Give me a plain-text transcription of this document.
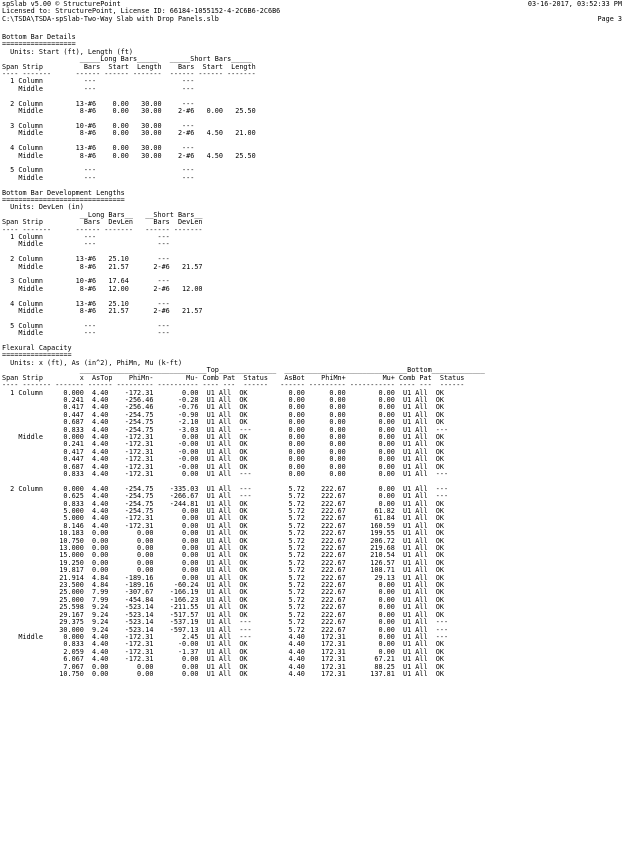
spSlab v5.00 © StructurePoint
Licensed to: StructurePoint, License ID: 66184-1055152-4-2C6B6-2C6B6
C:\TSDA\TSDA-spSlab-Two-Way Slab with Drop Panels.slb
03-16-2017, 03:52:33 PM

Page 3
Bottom Bar Details
==================
Units: Start (ft), Length (ft)
_____Long Bars_____   _____Short Bars_____
Span Strip          Bars  Start  Length    Bars  Start  Length
---- -------      ------ ------ -------  ------ ------ -------
1 Column          ---                     ---
Middle          ---                     ---

2 Column        13-#6    0.00   30.00     ---
Middle         8-#6    0.00   30.00    2-#6   0.00   25.50

3 Column        10-#6    0.00   30.00     ---
Middle         8-#6    0.00   30.00    2-#6   4.50   21.00

4 Column        13-#6    0.00   30.00     ---
Middle         8-#6    0.00   30.00    2-#6   4.50   25.50

5 Column          ---                     ---
Middle          ---                     ---

Bottom Bar Development Lengths
==============================
Units: DevLen (in)
__Long Bars__   __Short Bars__
Span Strip          Bars  DevLen     Bars  DevLen
---- -------      ------ -------   ------ -------
1 Column          ---               ---
Middle          ---               ---

2 Column        13-#6   25.10       ---
Middle         8-#6   21.57      2-#6   21.57

3 Column        10-#6   17.64       ---
Middle         8-#6   12.00      2-#6   12.00

4 Column        13-#6   25.10       ---
Middle         8-#6   21.57      2-#6   21.57

5 Column          ---               ---
Middle          ---               ---

Flexural Capacity
=================
Units: x (ft), As (in^2), PhiMn, Mu (k-ft)
_______________________________Top______________  ______________________________Bottom_____________
Span Strip         x  AsTop    PhiMn-        Mu- Comb Pat  Status    AsBot    PhiMn+         Mu+ Comb Pat  Status
---- ------- ------- ------ --------- ---------- ---- ---  ------   ------ --------- ----------- ---- ---  ------
1 Column     0.000  4.40    -172.31       0.00  U1 All  OK          0.00      0.00        0.00  U1 All  OK
0.241  4.40    -256.46      -0.28  U1 All  OK          0.00      0.00        0.00  U1 All  OK
0.417  4.40    -256.46      -0.76  U1 All  OK          0.00      0.00        0.00  U1 All  OK
0.447  4.40    -254.75      -0.90  U1 All  OK          0.00      0.00        0.00  U1 All  OK
0.687  4.40    -254.75      -2.10  U1 All  OK          0.00      0.00        0.00  U1 All  OK
0.833  4.40    -254.75      -3.03  U1 All  ---         0.00      0.00        0.00  U1 All  ---
Middle     0.000  4.40    -172.31       0.00  U1 All  OK          0.00      0.00        0.00  U1 All  OK
0.241  4.40    -172.31      -0.00  U1 All  OK          0.00      0.00        0.00  U1 All  OK
0.417  4.40    -172.31      -0.00  U1 All  OK          0.00      0.00        0.00  U1 All  OK
0.447  4.40    -172.31      -0.00  U1 All  OK          0.00      0.00        0.00  U1 All  OK
0.687  4.40    -172.31      -0.00  U1 All  OK          0.00      0.00        0.00  U1 All  OK
0.833  4.40    -172.31       0.00  U1 All  ---         0.00      0.00        0.00  U1 All  ---

2 Column     0.000  4.40    -254.75    -335.03  U1 All  ---         5.72    222.67        0.00  U1 All  ---
0.625  4.40    -254.75    -266.67  U1 All  ---         5.72    222.67        0.00  U1 All  ---
0.833  4.40    -254.75    -244.81  U1 All  OK          5.72    222.67        0.00  U1 All  OK
5.000  4.40    -254.75       0.00  U1 All  OK          5.72    222.67       61.82  U1 All  OK
5.000  4.40    -172.31       0.00  U1 All  OK          5.72    222.67       61.84  U1 All  OK
8.146  4.40    -172.31       0.00  U1 All  OK          5.72    222.67      160.59  U1 All  OK
10.183  0.00       0.00       0.00  U1 All  OK          5.72    222.67      199.55  U1 All  OK
10.750  0.00       0.00       0.00  U1 All  OK          5.72    222.67      206.72  U1 All  OK
13.000  0.00       0.00       0.00  U1 All  OK          5.72    222.67      219.68  U1 All  OK
15.000  0.00       0.00       0.00  U1 All  OK          5.72    222.67      210.54  U1 All  OK
19.250  0.00       0.00       0.00  U1 All  OK          5.72    222.67      126.57  U1 All  OK
19.817  0.00       0.00       0.00  U1 All  OK          5.72    222.67      108.71  U1 All  OK
21.914  4.84    -189.16       0.00  U1 All  OK          5.72    222.67       29.13  U1 All  OK
23.500  4.84    -189.16     -60.24  U1 All  OK          5.72    222.67        0.00  U1 All  OK
25.000  7.99    -307.67    -166.19  U1 All  OK          5.72    222.67        0.00  U1 All  OK
25.000  7.99    -454.84    -166.23  U1 All  OK          5.72    222.67        0.00  U1 All  OK
25.598  9.24    -523.14    -211.55  U1 All  OK          5.72    222.67        0.00  U1 All  OK
29.167  9.24    -523.14    -517.57  U1 All  OK          5.72    222.67        0.00  U1 All  OK
29.375  9.24    -523.14    -537.19  U1 All  ---         5.72    222.67        0.00  U1 All  ---
30.000  9.24    -523.14    -597.13  U1 All  ---         5.72    222.67        0.00  U1 All  ---
Middle     0.000  4.40    -172.31       2.45  U1 All  ---         4.40    172.31        0.00  U1 All  ---
0.833  4.40    -172.31      -0.00  U1 All  OK          4.40    172.31        0.00  U1 All  OK
2.059  4.40    -172.31      -1.37  U1 All  OK          4.40    172.31        0.00  U1 All  OK
6.067  4.40    -172.31       0.00  U1 All  OK          4.40    172.31       67.21  U1 All  OK
7.067  0.00       0.00       0.00  U1 All  OK          4.40    172.31       88.25  U1 All  OK
10.750  0.00       0.00       0.00  U1 All  OK          4.40    172.31      137.81  U1 All  OK
